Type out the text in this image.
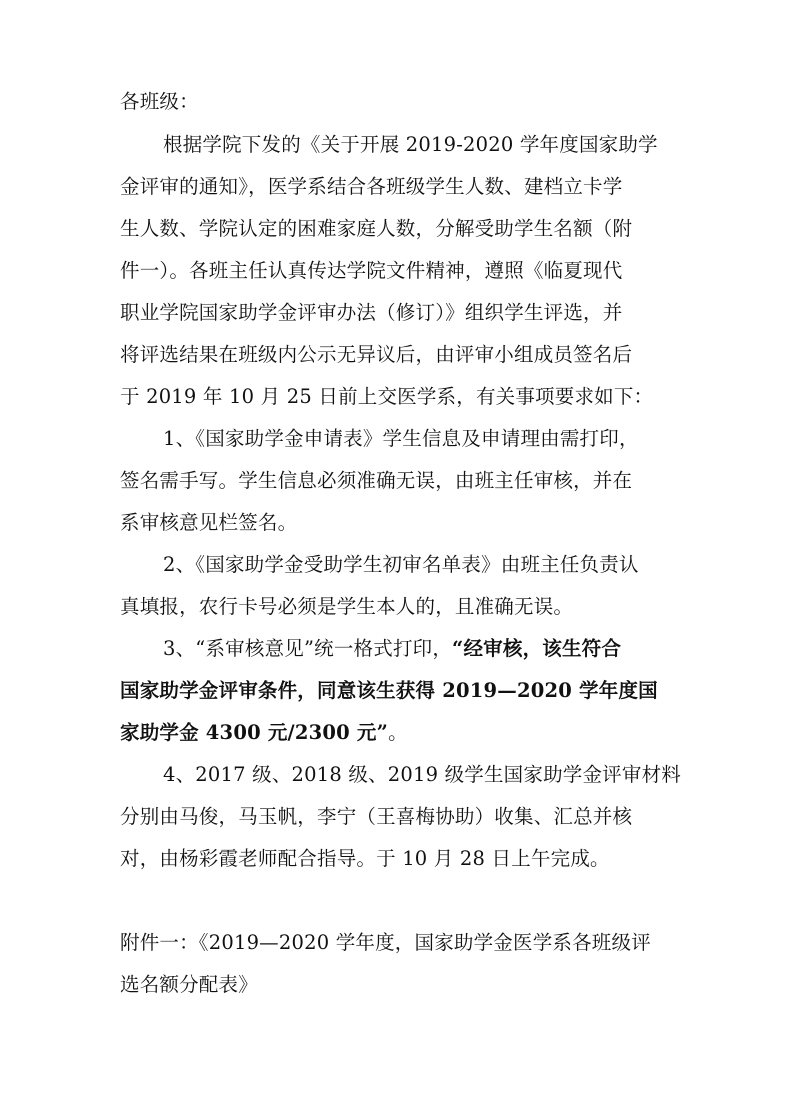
各班级：
根据学院下发的《关于开展 2019-2020 学年度国家助学
金评审的通知》，医学系结合各班级学生人数、建档立卡学
生人数、学院认定的困难家庭人数，分解受助学生名额（附
件一）。各班主任认真传达学院文件精神，遵照《临夏现代
职业学院国家助学金评审办法（修订）》组织学生评选，并
将评选结果在班级内公示无异议后，由评审小组成员签名后
于 2019 年 10 月 25 日前上交医学系，有关事项要求如下：
1、《国家助学金申请表》学生信息及申请理由需打印，
签名需手写。学生信息必须准确无误，由班主任审核，并在
系审核意见栏签名。
2、《国家助学金受助学生初审名单表》由班主任负责认
真填报，农行卡号必须是学生本人的，且准确无误。
3、“系审核意见”统一格式打印，“经审核，该生符合
国家助学金评审条件，同意该生获得 2019—2020 学年度国
家助学金 4300 元/2300 元”。
4、2017 级、2018 级、2019 级学生国家助学金评审材料
分别由马俊，马玉帆，李宁（王喜梅协助）收集、汇总并核
对，由杨彩霞老师配合指导。于 10 月 28 日上午完成。
附件一：《2019—2020 学年度，国家助学金医学系各班级评
选名额分配表》
